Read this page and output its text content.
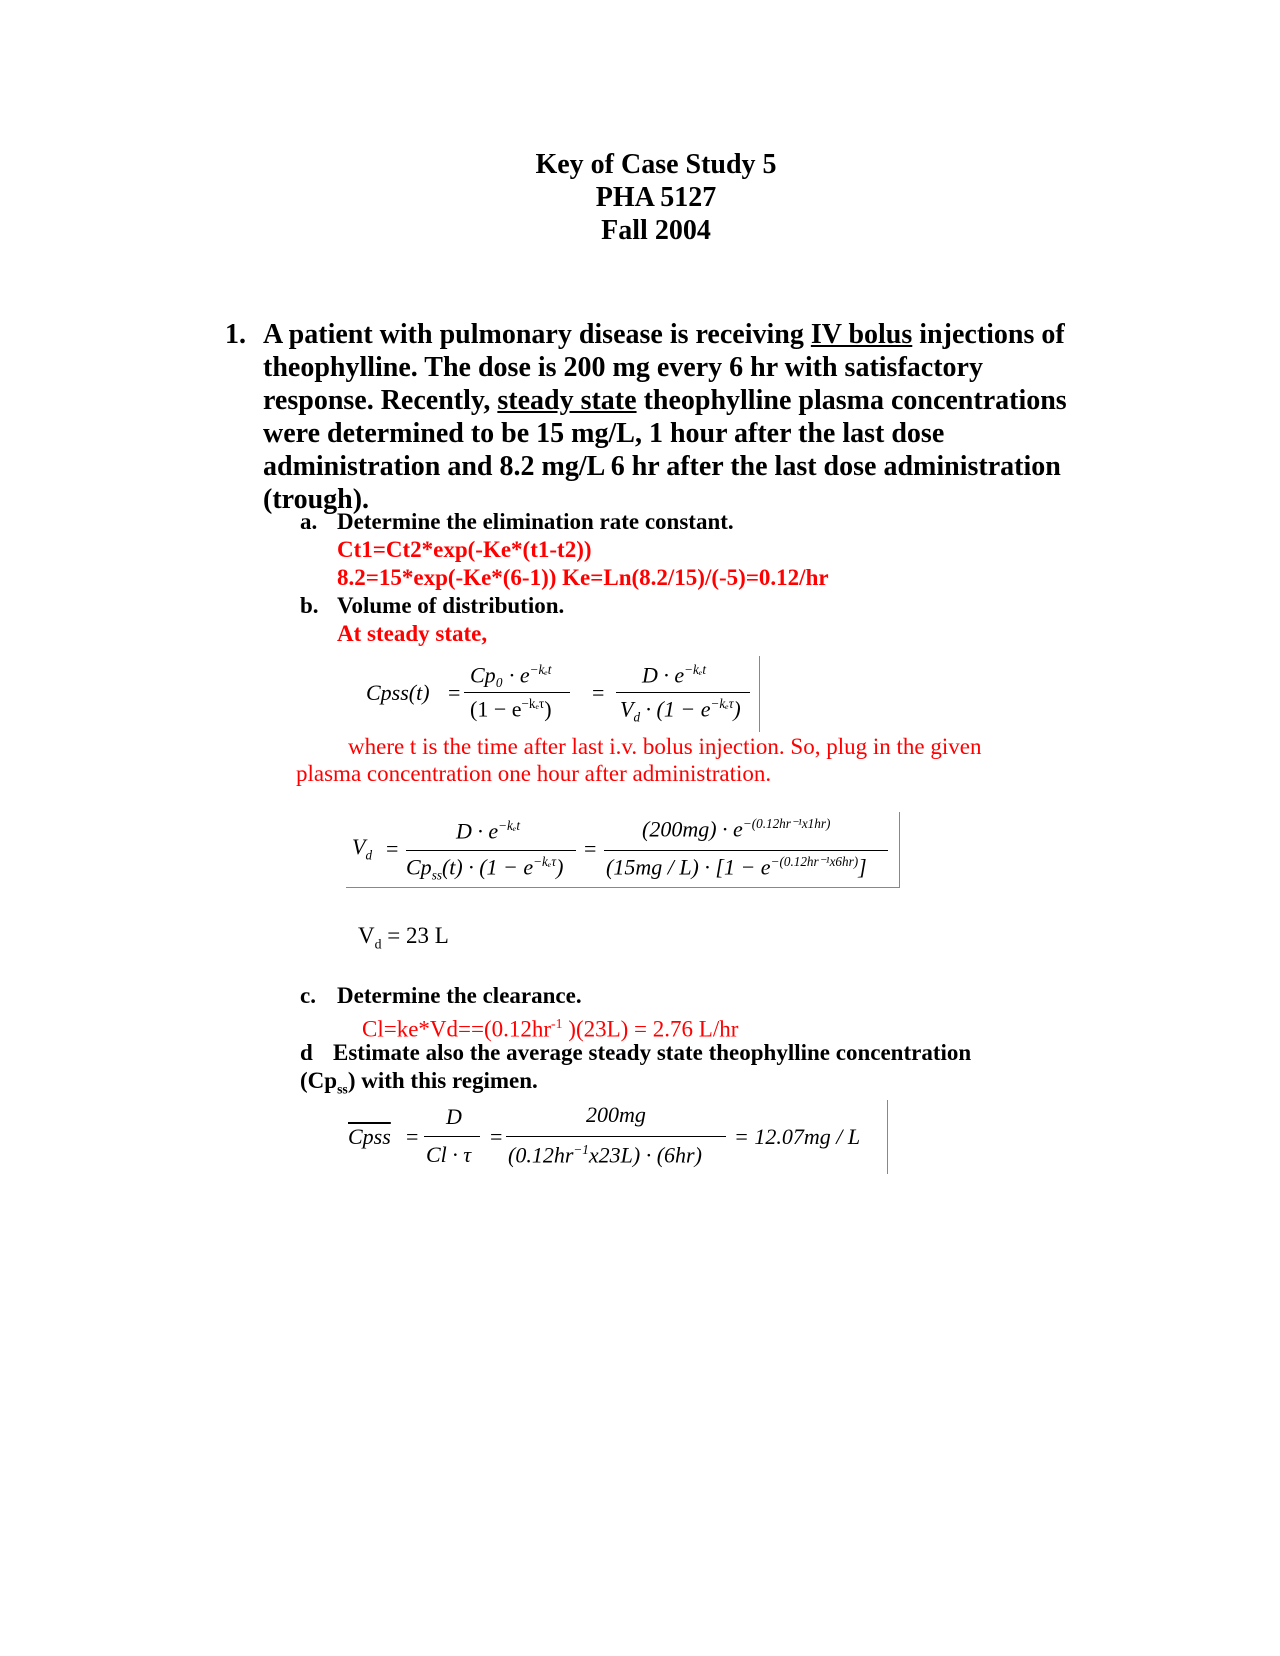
Key of Case Study 5
PHA 5127
Fall 2004
1. A patient with pulmonary disease is receiving IV bolus injections of theophylline. The dose is 200 mg every 6 hr with satisfactory response. Recently, steady state theophylline plasma concentrations were determined to be 15 mg/L, 1 hour after the last dose administration and 8.2 mg/L 6 hr after the last dose administration (trough).
a. Determine the elimination rate constant.
Ct1=Ct2*exp(-Ke*(t1-t2))
8.2=15*exp(-Ke*(6-1)) Ke=Ln(8.2/15)/(-5)=0.12/hr
b. Volume of distribution.
At steady state,
Cpss(t) =
$Cp_0 \cdot e^{-k_et}$
$(1 - e^{-k_e\tau})$
=
$D \cdot e^{-k_et}$
$V_d \cdot (1 - e^{-k_e\tau})$
where t is the time after last i.v. bolus injection. So, plug in the given
plasma concentration one hour after administration.
$V_d$ =
$D \cdot e^{-k_et}$
$Cp_{ss}(t) \cdot (1 - e^{-k_e\tau})$
=
$(200mg) \cdot e^{-(0.12hr^{-1}x1hr)}$
$(15mg / L) \cdot [1 - e^{-(0.12hr^{-1}x6hr)}]$
$V_d = 23$ L
c. Determine the clearance.
$Cl=ke*Vd==(0.12hr^{-1}$ )(23L) = 2.76 L/hr
d Estimate also the average steady state theophylline concentration
$(Cp_{ss})$ with this regimen.
Cpss =
D
Cl · τ
=
200mg
$(0.12hr^{-1}x23L) \cdot (6hr)$
= 12.07mg / L
